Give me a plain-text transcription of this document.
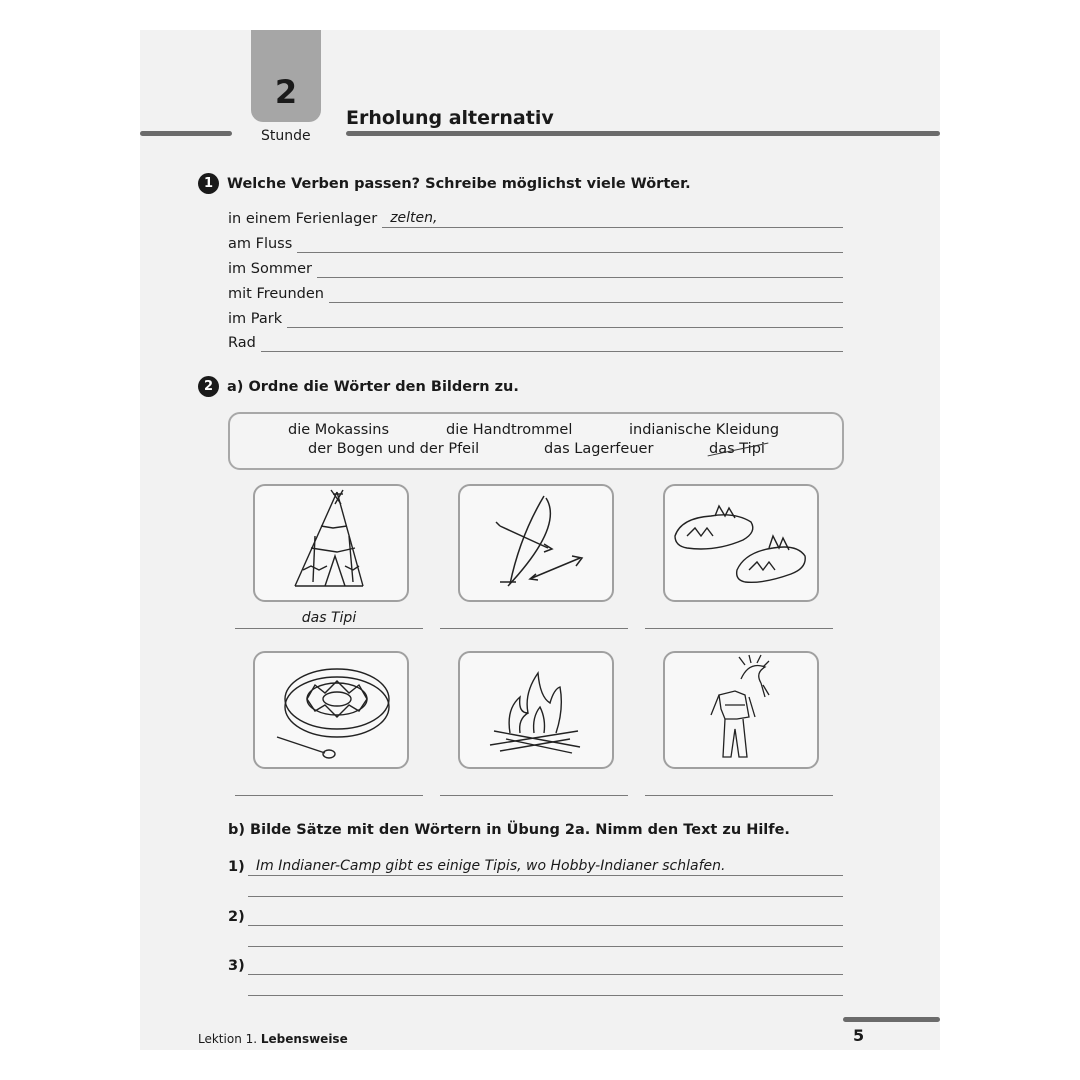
2
Stunde
Erholung alternativ
1 Welche Verben passen? Schreibe möglichst viele Wörter.
in einem Ferienlager zelten,
am Fluss
im Sommer
mit Freunden
im Park
Rad
2 a) Ordne die Wörter den Bildern zu.
die Mokassins	die Handtrommel	indianische Kleidung
der Bogen und der Pfeil	das Lagerfeuer	das Tipi
das Tipi
b) Bilde Sätze mit den Wörtern in Übung 2a. Nimm den Text zu Hilfe.
1) Im Indianer-Camp gibt es einige Tipis, wo Hobby-Indianer schlafen.
2)
3)
Lektion 1. Lebensweise	5
